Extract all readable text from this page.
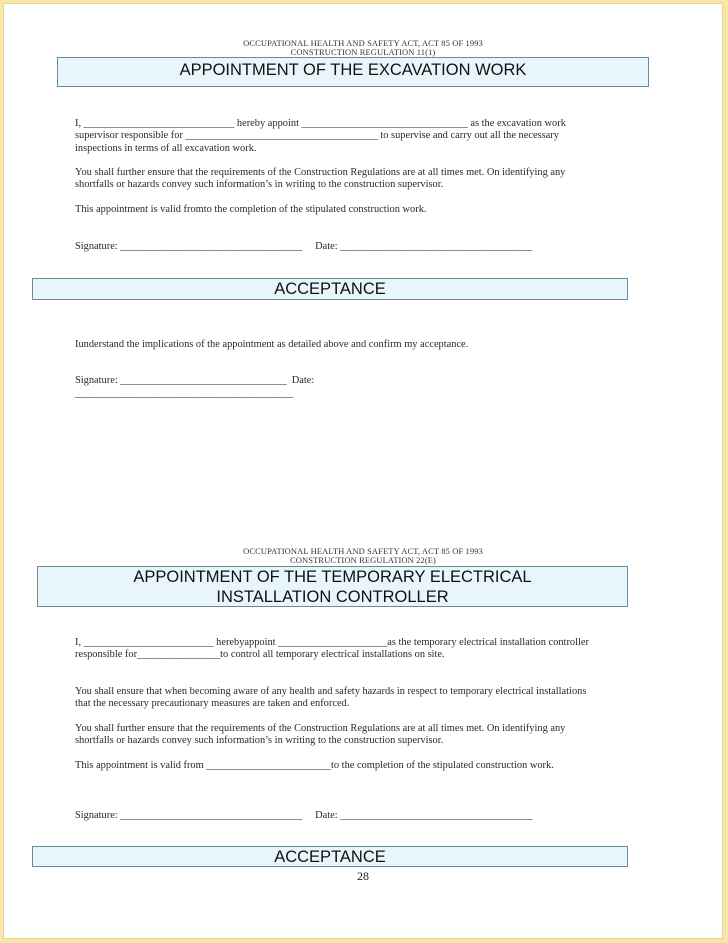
OCCUPATIONAL HEALTH AND SAFETY ACT, ACT 85 OF 1993
CONSTRUCTION REGULATION 11(1)
APPOINTMENT OF THE EXCAVATION WORK
I, _____________________________ hereby appoint ________________________________ as the excavation work supervisor responsible for _____________________________________ to supervise and carry out all the necessary inspections in terms of all excavation work.
You shall further ensure that the requirements of the Construction Regulations are at all times met. On identifying any shortfalls or hazards convey such information’s in writing to the construction supervisor.
This appointment is valid fromto the completion of the stipulated construction work.
Signature: ___________________________________     Date: _____________________________________
ACCEPTANCE
Iunderstand the implications of the appointment as detailed above and confirm my acceptance.
Signature: ________________________________  Date:
__________________________________________
OCCUPATIONAL HEALTH AND SAFETY ACT, ACT 85 OF 1993
CONSTRUCTION REGULATION 22(E)
APPOINTMENT OF THE TEMPORARY ELECTRICAL
INSTALLATION CONTROLLER
I, _________________________ herebyappoint _____________________as the temporary electrical installation controller responsible for________________to control all temporary electrical installations on site.
You shall ensure that when becoming aware of any health and safety hazards in respect to temporary electrical installations that the necessary precautionary measures are taken and enforced.
You shall further ensure that the requirements of the Construction Regulations are at all times met. On identifying any shortfalls or hazards convey such information’s in writing to the construction supervisor.
This appointment is valid from ________________________to the completion of the stipulated construction work.
Signature: ___________________________________     Date: _____________________________________
ACCEPTANCE
28
